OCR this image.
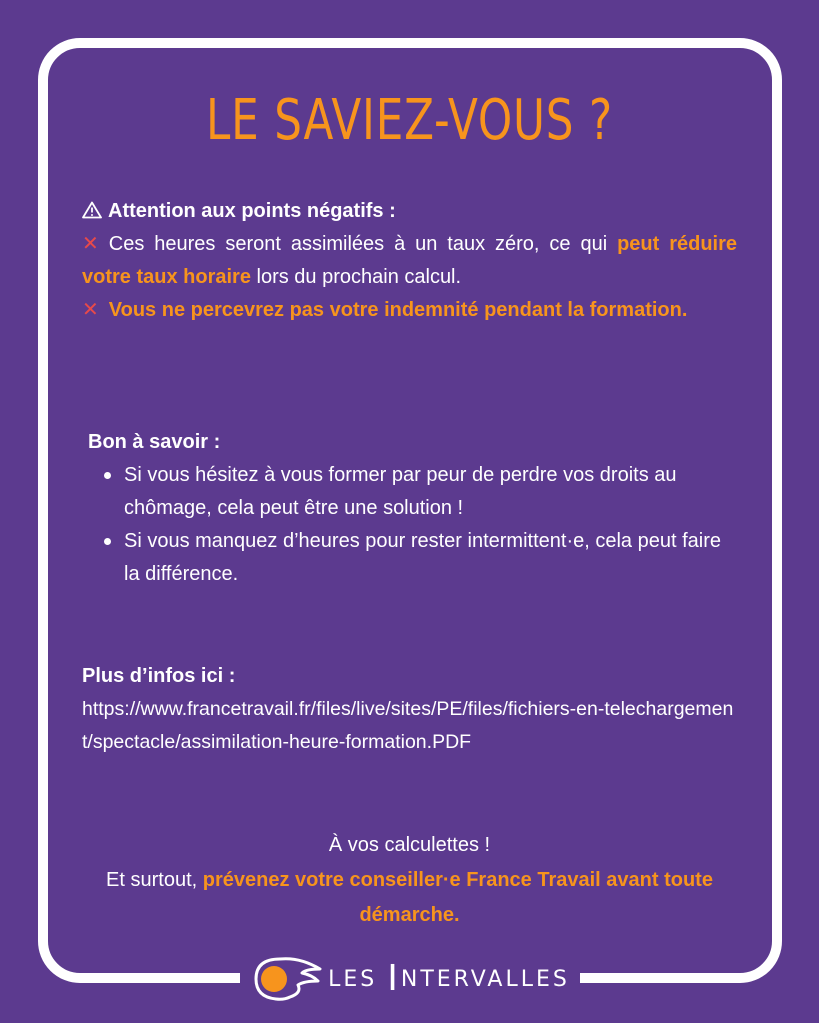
LE SAVIEZ-VOUS ?
Attention aux points négatifs :
✕ Ces heures seront assimilées à un taux zéro, ce qui peut réduire votre taux horaire lors du prochain calcul.
✕ Vous ne percevrez pas votre indemnité pendant la formation.
Bon à savoir :
Si vous hésitez à vous former par peur de perdre vos droits au chômage, cela peut être une solution !
Si vous manquez d’heures pour rester intermittent·e, cela peut faire la différence.
Plus d’infos ici :
https://www.francetravail.fr/files/live/sites/PE/files/fichiers-en-telechargement/spectacle/assimilation-heure-formation.PDF
À vos calculettes !
Et surtout, prévenez votre conseiller·e France Travail avant toute démarche.
LES INTERVALLES
